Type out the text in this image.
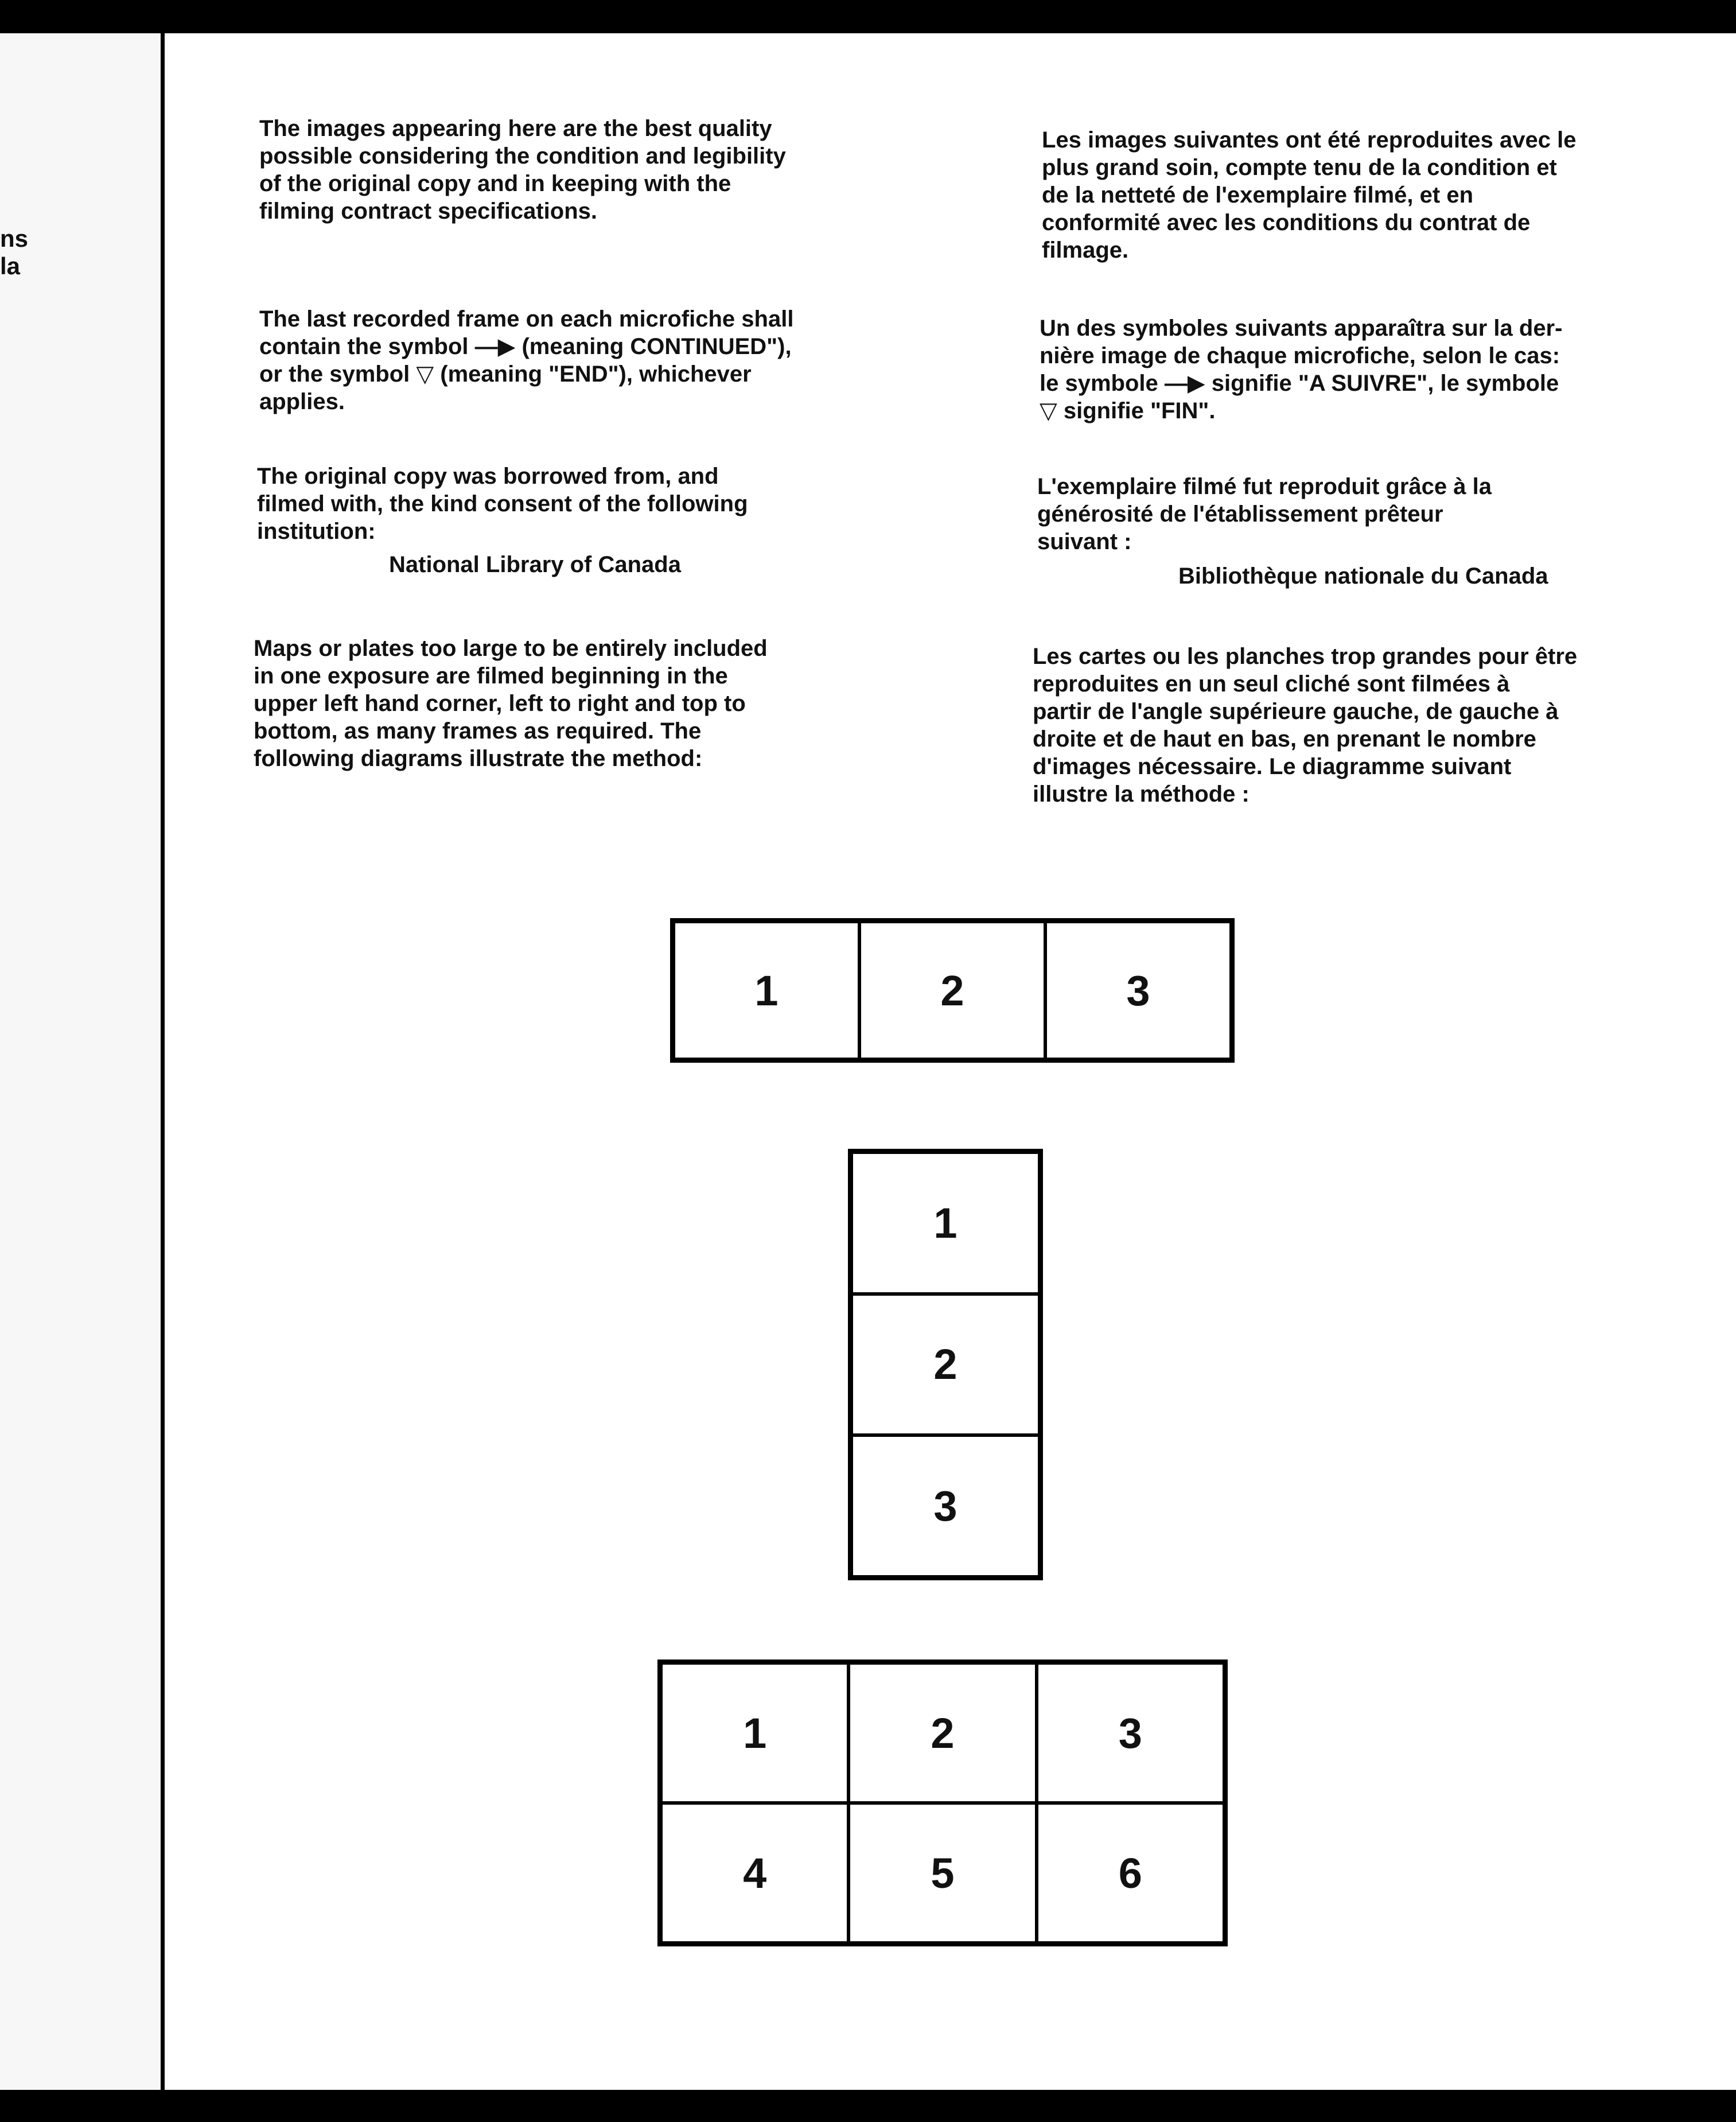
ns
la
The images appearing here are the best quality
possible considering the condition and legibility
of the original copy and in keeping with the
filming contract specifications.
The last recorded frame on each microfiche shall
contain the symbol —▶ (meaning CONTINUED"),
or the symbol ▽ (meaning "END"), whichever
applies.
The original copy was borrowed from, and
filmed with, the kind consent of the following
institution:
National Library of Canada
Maps or plates too large to be entirely included
in one exposure are filmed beginning in the
upper left hand corner, left to right and top to
bottom, as many frames as required. The
following diagrams illustrate the method:
Les images suivantes ont été reproduites avec le
plus grand soin, compte tenu de la condition et
de la netteté de l'exemplaire filmé, et en
conformité avec les conditions du contrat de
filmage.
Un des symboles suivants apparaîtra sur la der-
nière image de chaque microfiche, selon le cas:
le symbole —▶ signifie "A SUIVRE", le symbole
▽ signifie "FIN".
L'exemplaire filmé fut reproduit grâce à la
générosité de l'établissement prêteur
suivant :
Bibliothèque nationale du Canada
Les cartes ou les planches trop grandes pour être
reproduites en un seul cliché sont filmées à
partir de l'angle supérieure gauche, de gauche à
droite et de haut en bas, en prenant le nombre
d'images nécessaire. Le diagramme suivant
illustre la méthode :
1	2	3
1
2
3
1	2	3
4	5	6
